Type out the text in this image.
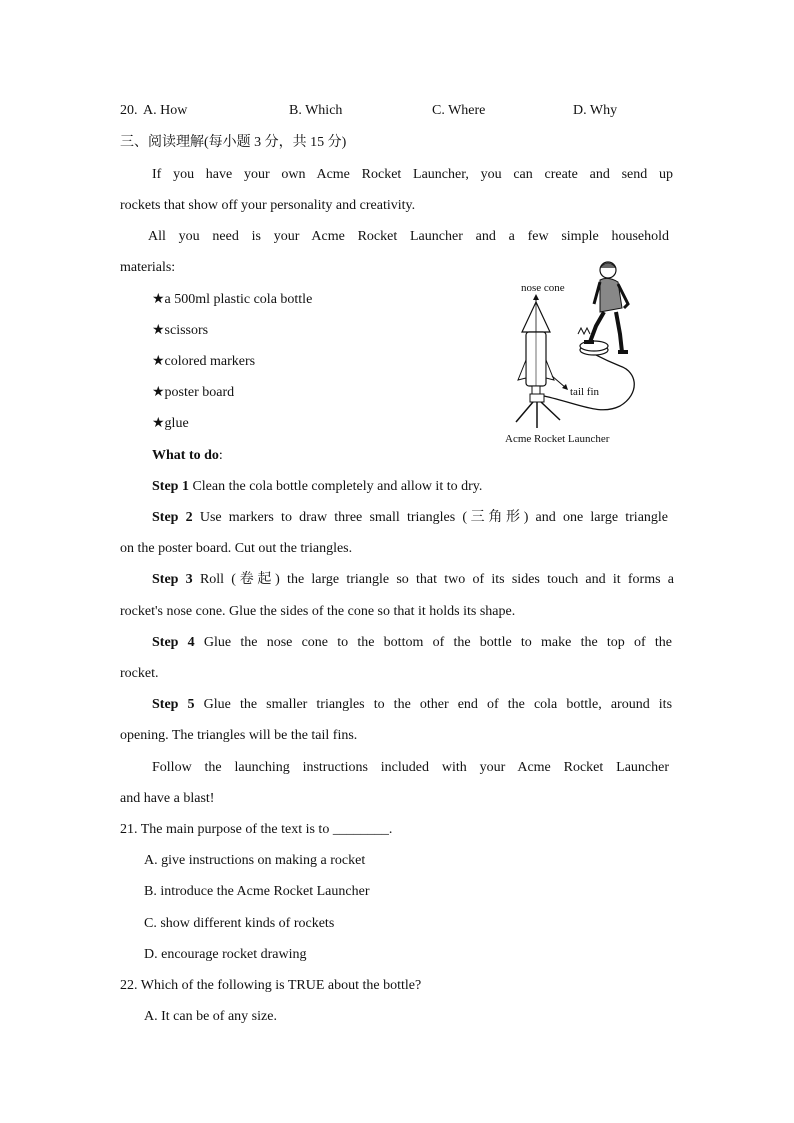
20. A. How	B. Which	C. Where	D. Why
三、阅读理解(每小题 3 分，共 15 分)
If you have your own Acme Rocket Launcher, you can create and send up
rockets that show off your personality and creativity.
All you need is your Acme Rocket Launcher and a few simple household
materials:
★a 500ml plastic cola bottle
★scissors
★colored markers
★poster board
★glue
nose cone
tail fin
Acme Rocket Launcher
What to do:
Step 1 Clean the cola bottle completely and allow it to dry.
Step 2 Use markers to draw three small triangles (三角形) and one large triangle
on the poster board. Cut out the triangles.
Step 3 Roll (卷起) the large triangle so that two of its sides touch and it forms a
rocket's nose cone. Glue the sides of the cone so that it holds its shape.
Step 4 Glue the nose cone to the bottom of the bottle to make the top of the
rocket.
Step 5 Glue the smaller triangles to the other end of the cola bottle, around its
opening. The triangles will be the tail fins.
Follow the launching instructions included with your Acme Rocket Launcher
and have a blast!
21. The main purpose of the text is to ________.
A. give instructions on making a rocket
B. introduce the Acme Rocket Launcher
C. show different kinds of rockets
D. encourage rocket drawing
22. Which of the following is TRUE about the bottle?
A. It can be of any size.
